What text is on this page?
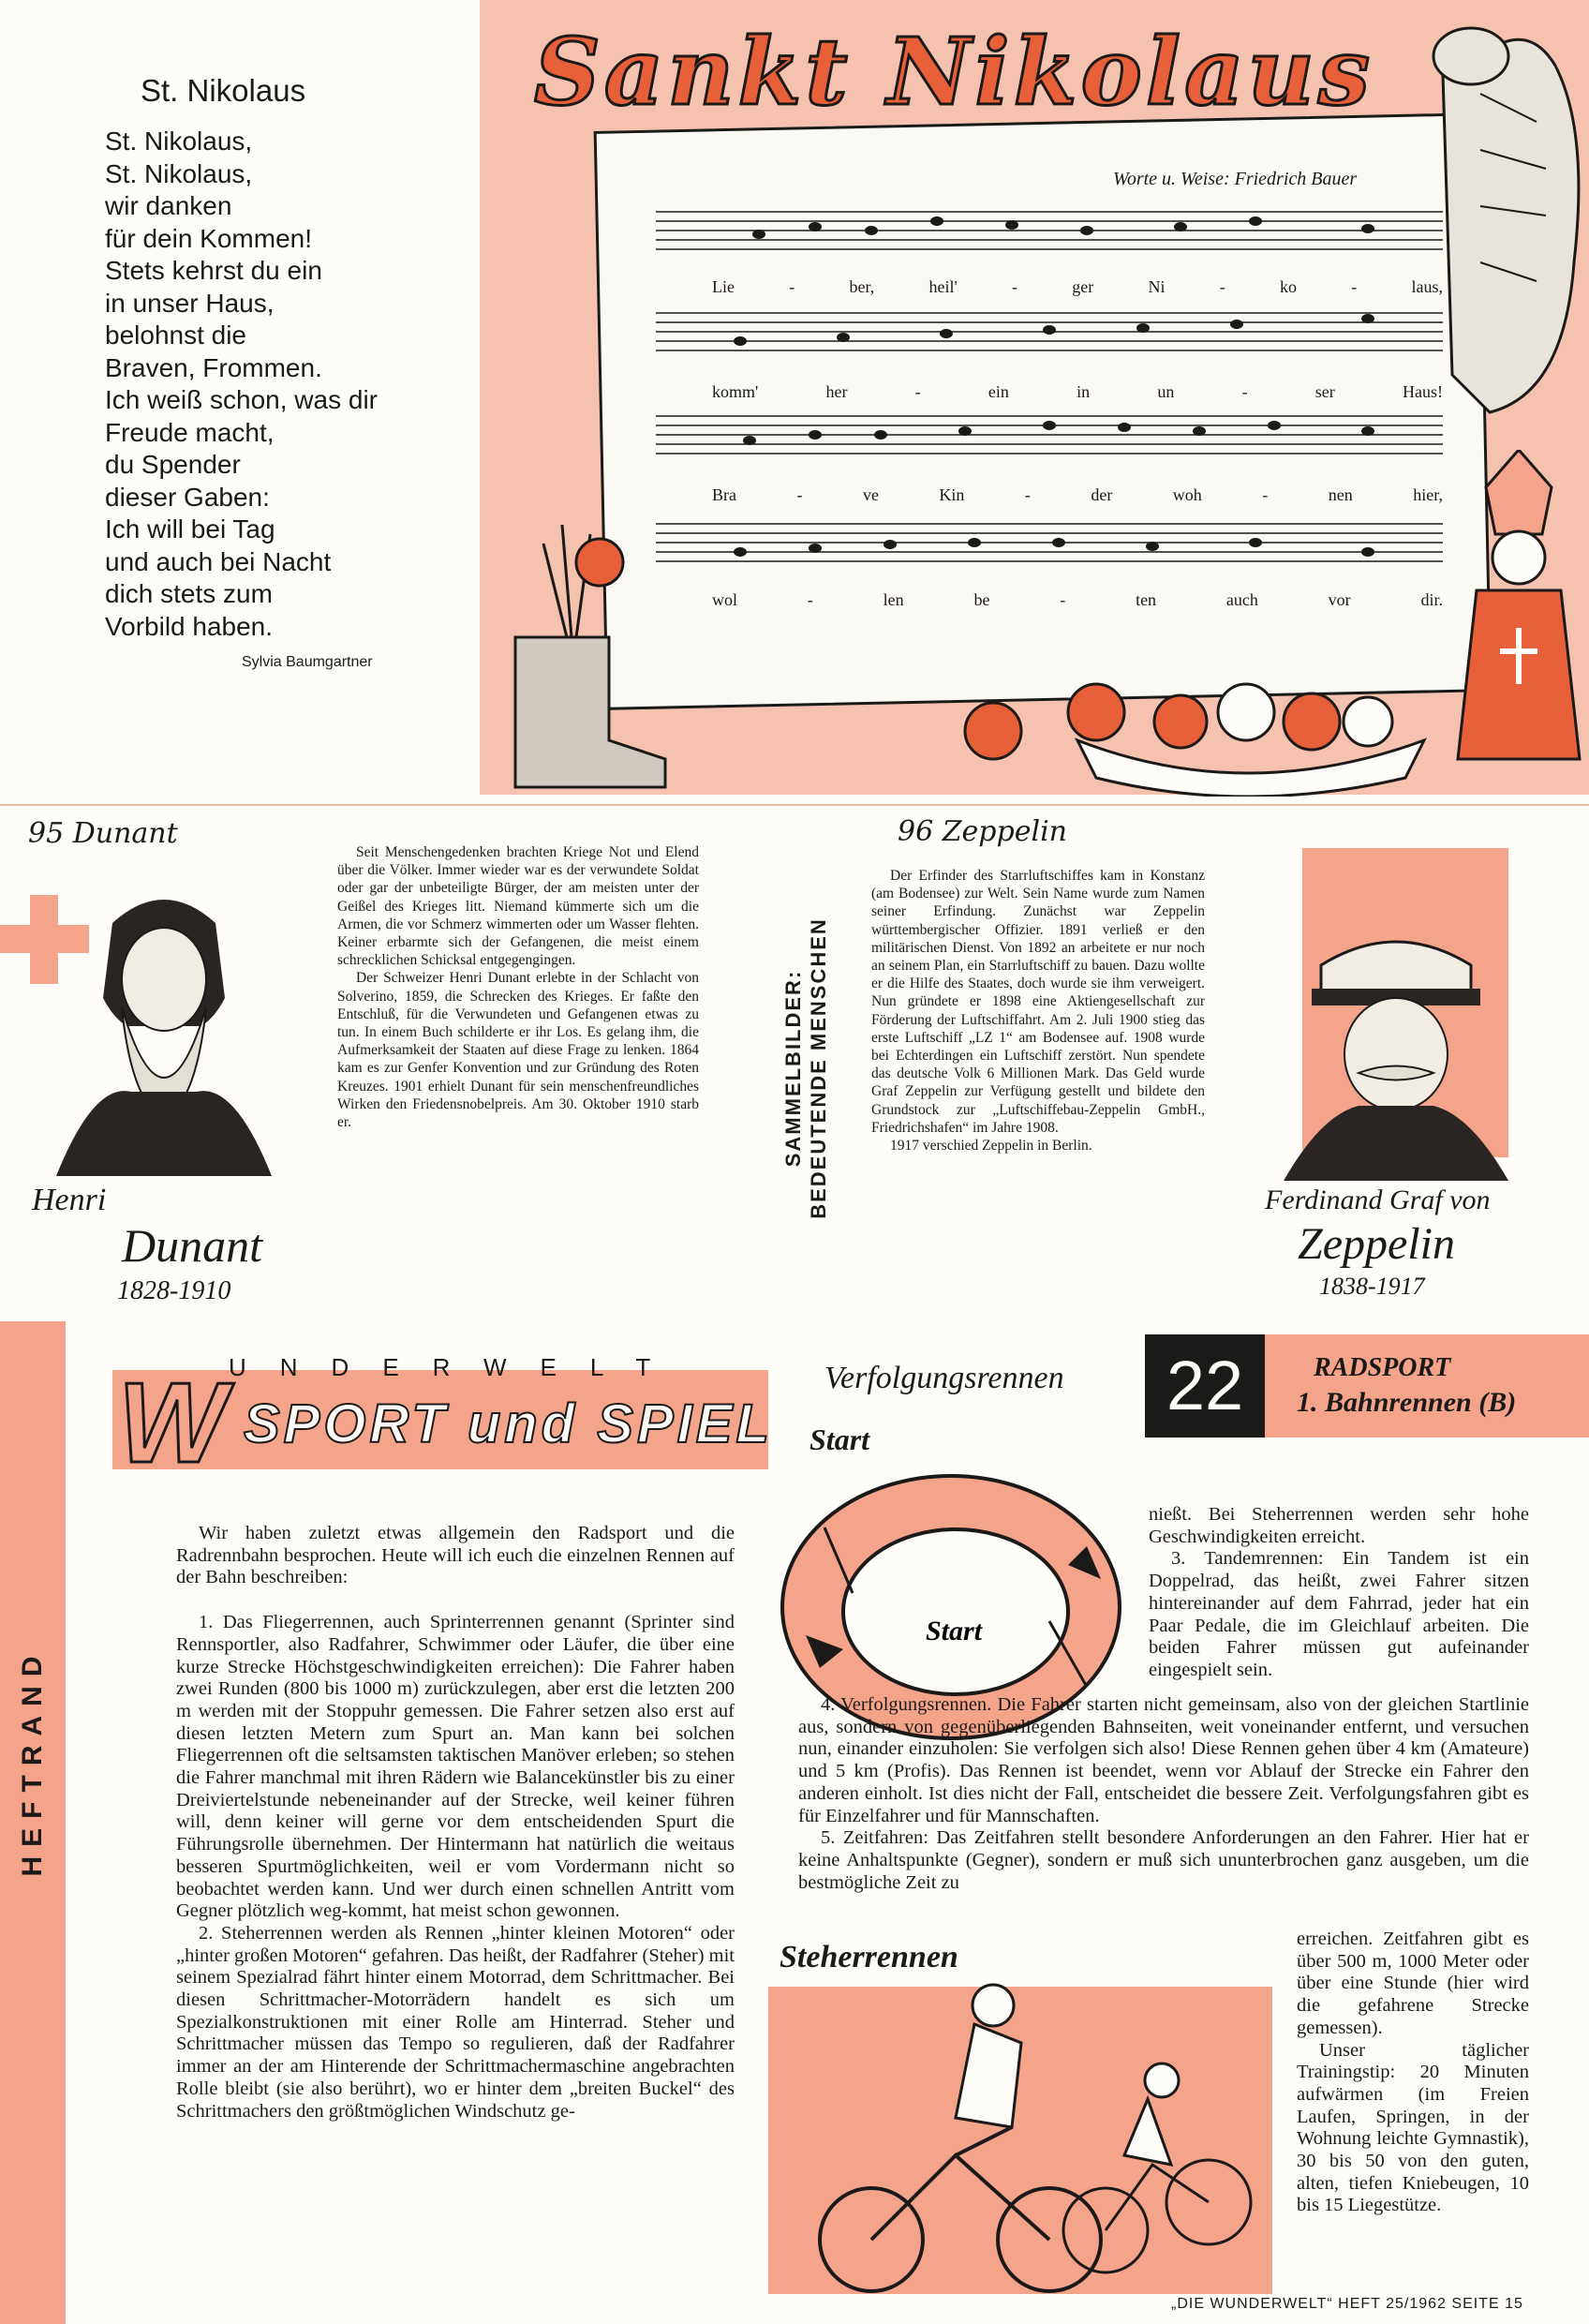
St. Nikolaus
St. Nikolaus,
St. Nikolaus,
wir danken
für dein Kommen!
Stets kehrst du ein
in unser Haus,
belohnst die
Braven, Frommen.
Ich weiß schon, was dir
Freude macht,
du Spender
dieser Gaben:
Ich will bei Tag
und auch bei Nacht
dich stets zum
Vorbild haben.
Sylvia Baumgartner
Sankt Nikolaus
Worte u. Weise: Friedrich Bauer
Lie	-	ber,	heil'	-	ger	Ni	-	ko	-	laus,
komm'	her	-	ein	in	un	-	ser	Haus!
Bra	-	ve	Kin	-	der	woh	-	nen	hier,
wol	-	len	be	-	ten	auch	vor	dir.
95 Dunant
Henri
Dunant
1828-1910

Seit Menschengedenken brachten Kriege Not und Elend über die Völker. Immer wieder war es der verwundete Soldat oder gar der unbeteiligte Bürger, der am meisten unter der Geißel des Krieges litt. Niemand kümmerte sich um die Armen, die vor Schmerz wimmerten oder um Wasser flehten. Keiner erbarmte sich der Gefangenen, die meist einem schrecklichen Schicksal entgegengingen.

Der Schweizer Henri Dunant erlebte in der Schlacht von Solverino, 1859, die Schrecken des Krieges. Er faßte den Entschluß, für die Verwundeten und Gefangenen etwas zu tun. In einem Buch schilderte er ihr Los. Es gelang ihm, die Aufmerksamkeit der Staaten auf diese Frage zu lenken. 1864 kam es zur Genfer Konvention und zur Gründung des Roten Kreuzes. 1901 erhielt Dunant für sein menschenfreundliches Wirken den Friedensnobelpreis. Am 30. Oktober 1910 starb er.	SAMMELBILDER: BEDEUTENDE MENSCHEN
96 Zeppelin

Der Erfinder des Starrluftschiffes kam in Konstanz (am Bodensee) zur Welt. Sein Name wurde zum Namen seiner Erfindung. Zunächst war Zeppelin württembergischer Offizier. 1891 verließ er den militärischen Dienst. Von 1892 an arbeitete er nur noch an seinem Plan, ein Starrluftschiff zu bauen. Dazu wollte er die Hilfe des Staates, doch wurde sie ihm verweigert. Nun gründete er 1898 eine Aktiengesellschaft zur Förderung der Luftschiffahrt. Am 2. Juli 1900 stieg das erste Luftschiff „LZ 1“ am Bodensee auf. 1908 wurde bei Echterdingen ein Luftschiff zerstört. Nun spendete das deutsche Volk 6 Millionen Mark. Das Geld wurde Graf Zeppelin zur Verfügung gestellt und bildete den Grundstock zur „Luftschiffebau-Zeppelin GmbH., Friedrichshafen“ im Jahre 1908.

1917 verschied Zeppelin in Berlin.

Ferdinand Graf von
Zeppelin
1838-1917
HEFTRAND
UNDERWELT
W SPORT und SPIEL
Verfolgungsrennen
Start
Start
22	RADSPORT
1. Bahnrennen (B)

Wir haben zuletzt etwas allgemein den Radsport und die Radrennbahn besprochen. Heute will ich euch die einzelnen Rennen auf der Bahn beschreiben:

1. Das Fliegerrennen, auch Sprinterrennen genannt (Sprinter sind Rennsportler, also Radfahrer, Schwimmer oder Läufer, die über eine kurze Strecke Höchstgeschwindigkeiten erreichen): Die Fahrer haben zwei Runden (800 bis 1000 m) zurückzulegen, aber erst die letzten 200 m werden mit der Stoppuhr gemessen. Die Fahrer setzen also erst auf diesen letzten Metern zum Spurt an. Man kann bei solchen Fliegerrennen oft die seltsamsten taktischen Manöver erleben; so stehen die Fahrer manchmal mit ihren Rädern wie Balancekünstler bis zu einer Dreiviertelstunde nebeneinander auf der Strecke, weil keiner führen will, denn keiner will gerne vor dem entscheidenden Spurt die Führungsrolle übernehmen. Der Hintermann hat natürlich die weitaus besseren Spurtmöglichkeiten, weil er vom Vordermann nicht so beobachtet werden kann. Und wer durch einen schnellen Antritt vom Gegner plötzlich weg-kommt, hat meist schon gewonnen.

2. Steherrennen werden als Rennen „hinter kleinen Motoren“ oder „hinter großen Motoren“ gefahren. Das heißt, der Radfahrer (Steher) mit seinem Spezialrad fährt hinter einem Motorrad, dem Schrittmacher. Bei diesen Schrittmacher-Motorrädern handelt es sich um Spezialkonstruktionen mit einer Rolle am Hinterrad. Steher und Schrittmacher müssen das Tempo so regulieren, daß der Radfahrer immer an der am Hinterende der Schrittmachermaschine angebrachten Rolle bleibt (sie also berührt), wo er hinter dem „breiten Buckel“ des Schrittmachers den größtmöglichen Windschutz ge-

nießt. Bei Steherrennen werden sehr hohe Geschwindigkeiten erreicht.

3. Tandemrennen: Ein Tandem ist ein Doppelrad, das heißt, zwei Fahrer sitzen hintereinander auf dem Fahrrad, jeder hat ein Paar Pedale, die im Gleichlauf arbeiten. Die beiden Fahrer müssen gut aufeinander eingespielt sein.

4. Verfolgungsrennen. Die Fahrer starten nicht gemeinsam, also von der gleichen Startlinie aus, sondern von gegenüberliegenden Bahnseiten, weit voneinander entfernt, und versuchen nun, einander einzuholen: Sie verfolgen sich also! Diese Rennen gehen über 4 km (Amateure) und 5 km (Profis). Das Rennen ist beendet, wenn vor Ablauf der Strecke ein Fahrer den anderen einholt. Ist dies nicht der Fall, entscheidet die bessere Zeit. Verfolgungsfahren gibt es für Einzelfahrer und für Mannschaften.

5. Zeitfahren: Das Zeitfahren stellt besondere Anforderungen an den Fahrer. Hier hat er keine Anhaltspunkte (Gegner), sondern er muß sich ununterbrochen ganz ausgeben, um die bestmögliche Zeit zu

erreichen. Zeitfahren gibt es über 500 m, 1000 Meter oder über eine Stunde (hier wird die gefahrene Strecke gemessen).

Unser täglicher Trainingstip: 20 Minuten aufwärmen (im Freien Laufen, Springen, in der Wohnung leichte Gymnastik), 30 bis 50 von den guten, alten, tiefen Kniebeugen, 10 bis 15 Liegestütze.

Steherrennen
„DIE WUNDERWELT“ HEFT 25/1962 SEITE 15
